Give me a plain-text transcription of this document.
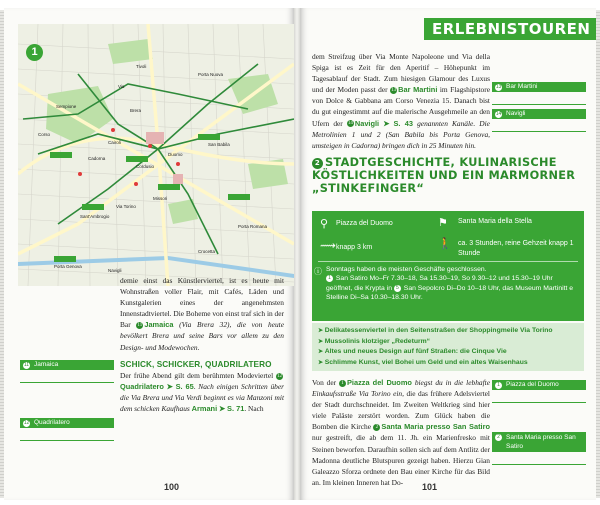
1
Tivoli
Via
Corso
Porta Nuova
Cadorna
Brera
Sempione
Cairoli
Duomo
San Babila
Missori
Cordusio
Via Torino
Sant'Ambrogio
Porta Genova
Navigli
Crocetta
Porta Romana
demie einst das Künstlerviertel, ist es heute mit Wohnstraßen voller Flair, mit Cafés, Läden und Kunstgalerien eines der angenehmsten Innenstadtviertel. Die Boheme von einst traf sich in der Bar 11 Jamaica (Via Brera 32), die von heute bevölkert Brera und seine Bars vor allem zu den Design- und Modewochen.
SCHICK, SCHICKER, QUADRILATERO
Der frühe Abend gilt dem berühmten Modeviertel 12Quadrilatero ➤ S. 65. Nach einigen Schritten über die Via Brera und Via Verdi beginnt es via Manzoni mit dem schicken Kaufhaus Armani ➤ S. 71. Nach
11 Jamaica
12 Quadrilatero
100
ERLEBNISTOUREN
dem Streifzug über Via Monte Napoleone und Via della Spiga ist es Zeit für den Aperitif – Höhepunkt im Tagesablauf der Stadt. Zum hiesigen Glamour des Luxus und der Moden passt der 13 Bar Martini im Flagshipstore von Dolce & Gabbana am Corso Venezia 15. Danach bist du gut eingestimmt auf die malerische Ausgehmeile an den Ufern der 14 Navigli ➤ S. 43 genannten Kanäle. Die Metrolinien 1 und 2 (San Babila bis Porta Genova, umsteigen in Cadorna) bringen dich in 25 Minuten hin.
13 Bar Martini
14 Navigli
2 STADTGESCHICHTE, KULINARISCHE KÖSTLICHKEITEN UND EIN MARMORNER „STINKEFINGER“
⚲ Piazza del Duomo	⚑ Santa Maria della Stella
⟿ knapp 3 km	🚶 ca. 3 Stunden, reine Gehzeit knapp 1 Stunde
Sonntags haben die meisten Geschäfte geschlossen.
1 San Satiro Mo–Fr 7.30–18, Sa 15.30–19, So 9.30–12 und 15.30–19 Uhr geöffnet, die Krypta in 5 San Sepolcro Di–Do 10–18 Uhr, das Museum Martinitt e Stelline Di–Sa 10.30–18.30 Uhr.
ⓘ
➤ Delikatessenviertel in den Seitenstraßen der Shoppingmeile Via Torino
➤ Mussolinis klotziger „Redeturm“
➤ Altes und neues Design auf fünf Straßen: die Cinque Vie
➤ Schlimme Kunst, viel Bohei um Geld und ein altes Waisenhaus
Von der 1 Piazza del Duomo biegst du in die lebhafte Einkaufsstraße Via Torino ein, die das frühere Adelsviertel der Stadt durchschneidet. Im Zweiten Weltkrieg sind hier viele Paläste zerstört worden. Zum Glück haben die Bomben die Kirche 2 Santa Maria presso San Satiro nur gestreift, die ab dem 11. Jh. ein Marienfresko mit Steinen beworfen. Daraufhin sollen sich auf dem Antlitz der Madonna deutliche Blutspuren gezeigt haben. Hierzu Gian Galeazzo Sforza ordnete den Bau einer Kirche für das Bild an. Im kleinen Inneren hat Do-
1 Piazza del Duomo
2 Santa Maria presso San Satiro
101
